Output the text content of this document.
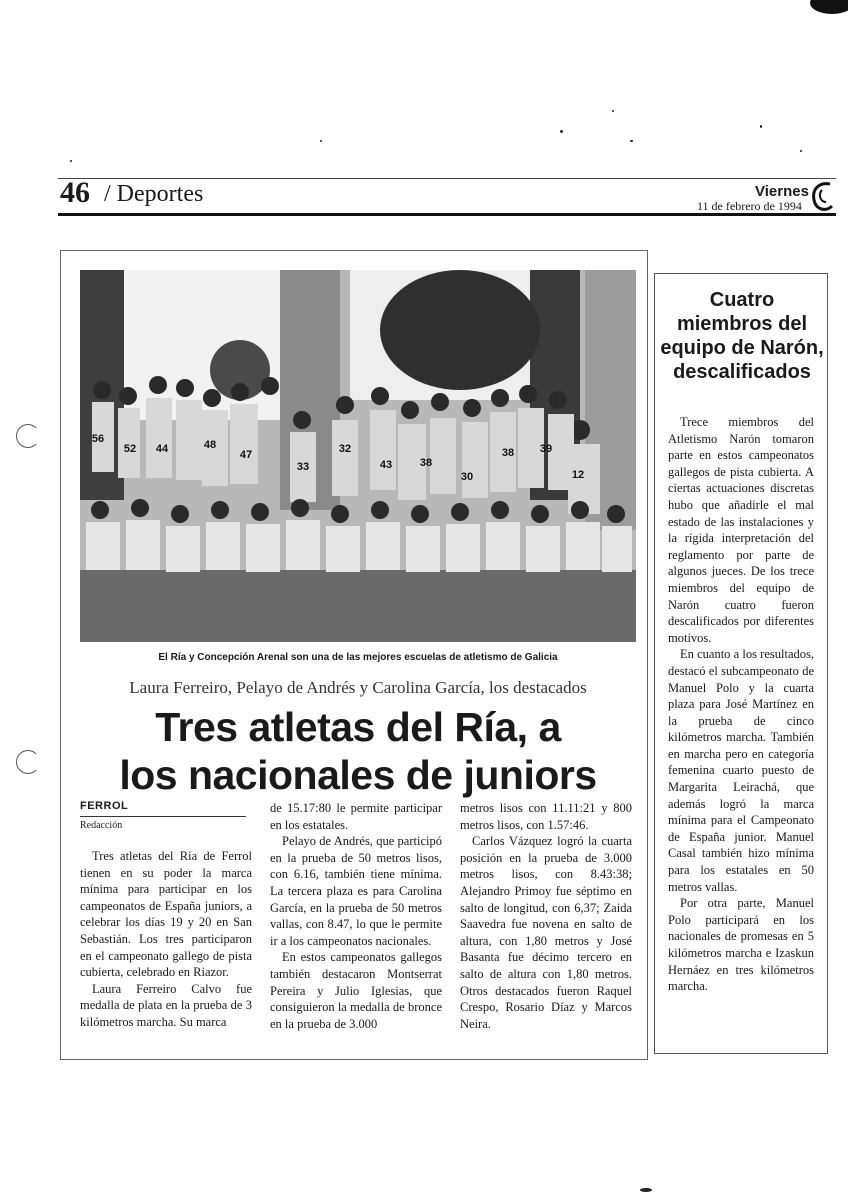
46 / Deportes	Viernes
11 de febrero de 1994
56
52 44	48
47
33
32
43	38
30
38 39
12
El Ría y Concepción Arenal son una de las mejores escuelas de atletismo de Galicia
Laura Ferreiro, Pelayo de Andrés y Carolina García, los destacados
Tres atletas del Ría, a
los nacionales de juniors
FERROL
Redacción

Tres atletas del Ría de Ferrol tienen en su poder la marca mínima para participar en los campeonatos de España juniors, a celebrar los días 19 y 20 en San Sebastián. Los tres participaron en el campeonato gallego de pista cubierta, celebrado en Riazor.

Laura Ferreiro Calvo fue medalla de plata en la prueba de 3 kilómetros marcha. Su marca

de 15.17:80 le permite participar en los estatales.

Pelayo de Andrés, que participó en la prueba de 50 metros lisos, con 6.16, también tiene mínima. La tercera plaza es para Carolina García, en la prueba de 50 metros vallas, con 8.47, lo que le permite ir a los campeonatos nacionales.

En estos campeonatos gallegos también destacaron Montserrat Pereira y Julio Iglesias, que consiguieron la medalla de bronce en la prueba de 3.000

metros lisos con 11.11:21 y 800 metros lisos, con 1.57:46.

Carlos Vázquez logró la cuarta posición en la prueba de 3.000 metros lisos, con 8.43:38; Alejandro Primoy fue séptimo en salto de longitud, con 6,37; Zaida Saavedra fue novena en salto de altura, con 1,80 metros y José Basanta fue décimo tercero en salto de altura con 1,80 metros. Otros destacados fueron Raquel Crespo, Rosario Díaz y Marcos Neira.

Cuatro miembros del equipo de Narón, descalificados

Trece miembros del Atletismo Narón tomaron parte en estos campeonatos gallegos de pista cubierta. A ciertas actuaciones discretas hubo que añadirle el mal estado de las instalaciones y la rígida interpretación del reglamento por parte de algunos jueces. De los trece miembros del equipo de Narón cuatro fueron descalificados por diferentes motivos.

En cuanto a los resultados, destacó el subcampeonato de Manuel Polo y la cuarta plaza para José Martínez en la prueba de cinco kilómetros marcha. También en marcha pero en categoría femenina cuarto puesto de Margarita Leirachá, que además logró la marca mínima para el Campeonato de España junior. Manuel Casal también hizo mínima para los estatales en 50 metros vallas.

Por otra parte, Manuel Polo participará en los nacionales de promesas en 5 kilómetros marcha e Izaskun Hernáez en tres kilómetros marcha.
